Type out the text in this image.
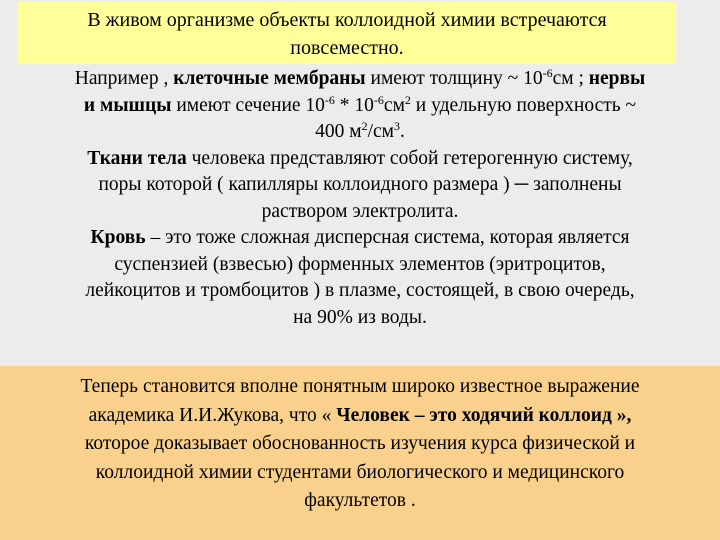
В живом организме объекты коллоидной химии встречаются
повсеместно.

Например , клеточные мембраны имеют толщину ~ $10^{-6}см$ ; нервы
и мышцы имеют сечение $10^{-6} * 10^{-6}см^2$ и удельную поверхность ~
400 $м^2/см^3$.

Ткани тела человека представляют собой гетерогенную систему,
поры которой ( капилляры коллоидного размера ) ─ заполнены
раствором электролита.

Кровь – это тоже сложная дисперсная система, которая является
суспензией (взвесью) форменных элементов (эритроцитов,
лейкоцитов и тромбоцитов ) в плазме, состоящей, в свою очередь,
на 90% из воды.

Теперь становится вполне понятным широко известное выражение
академика И.И.Жукова, что « Человек – это ходячий коллоид »,
которое доказывает обоснованность изучения курса физической и
коллоидной химии студентами биологического и медицинского
факультетов .
